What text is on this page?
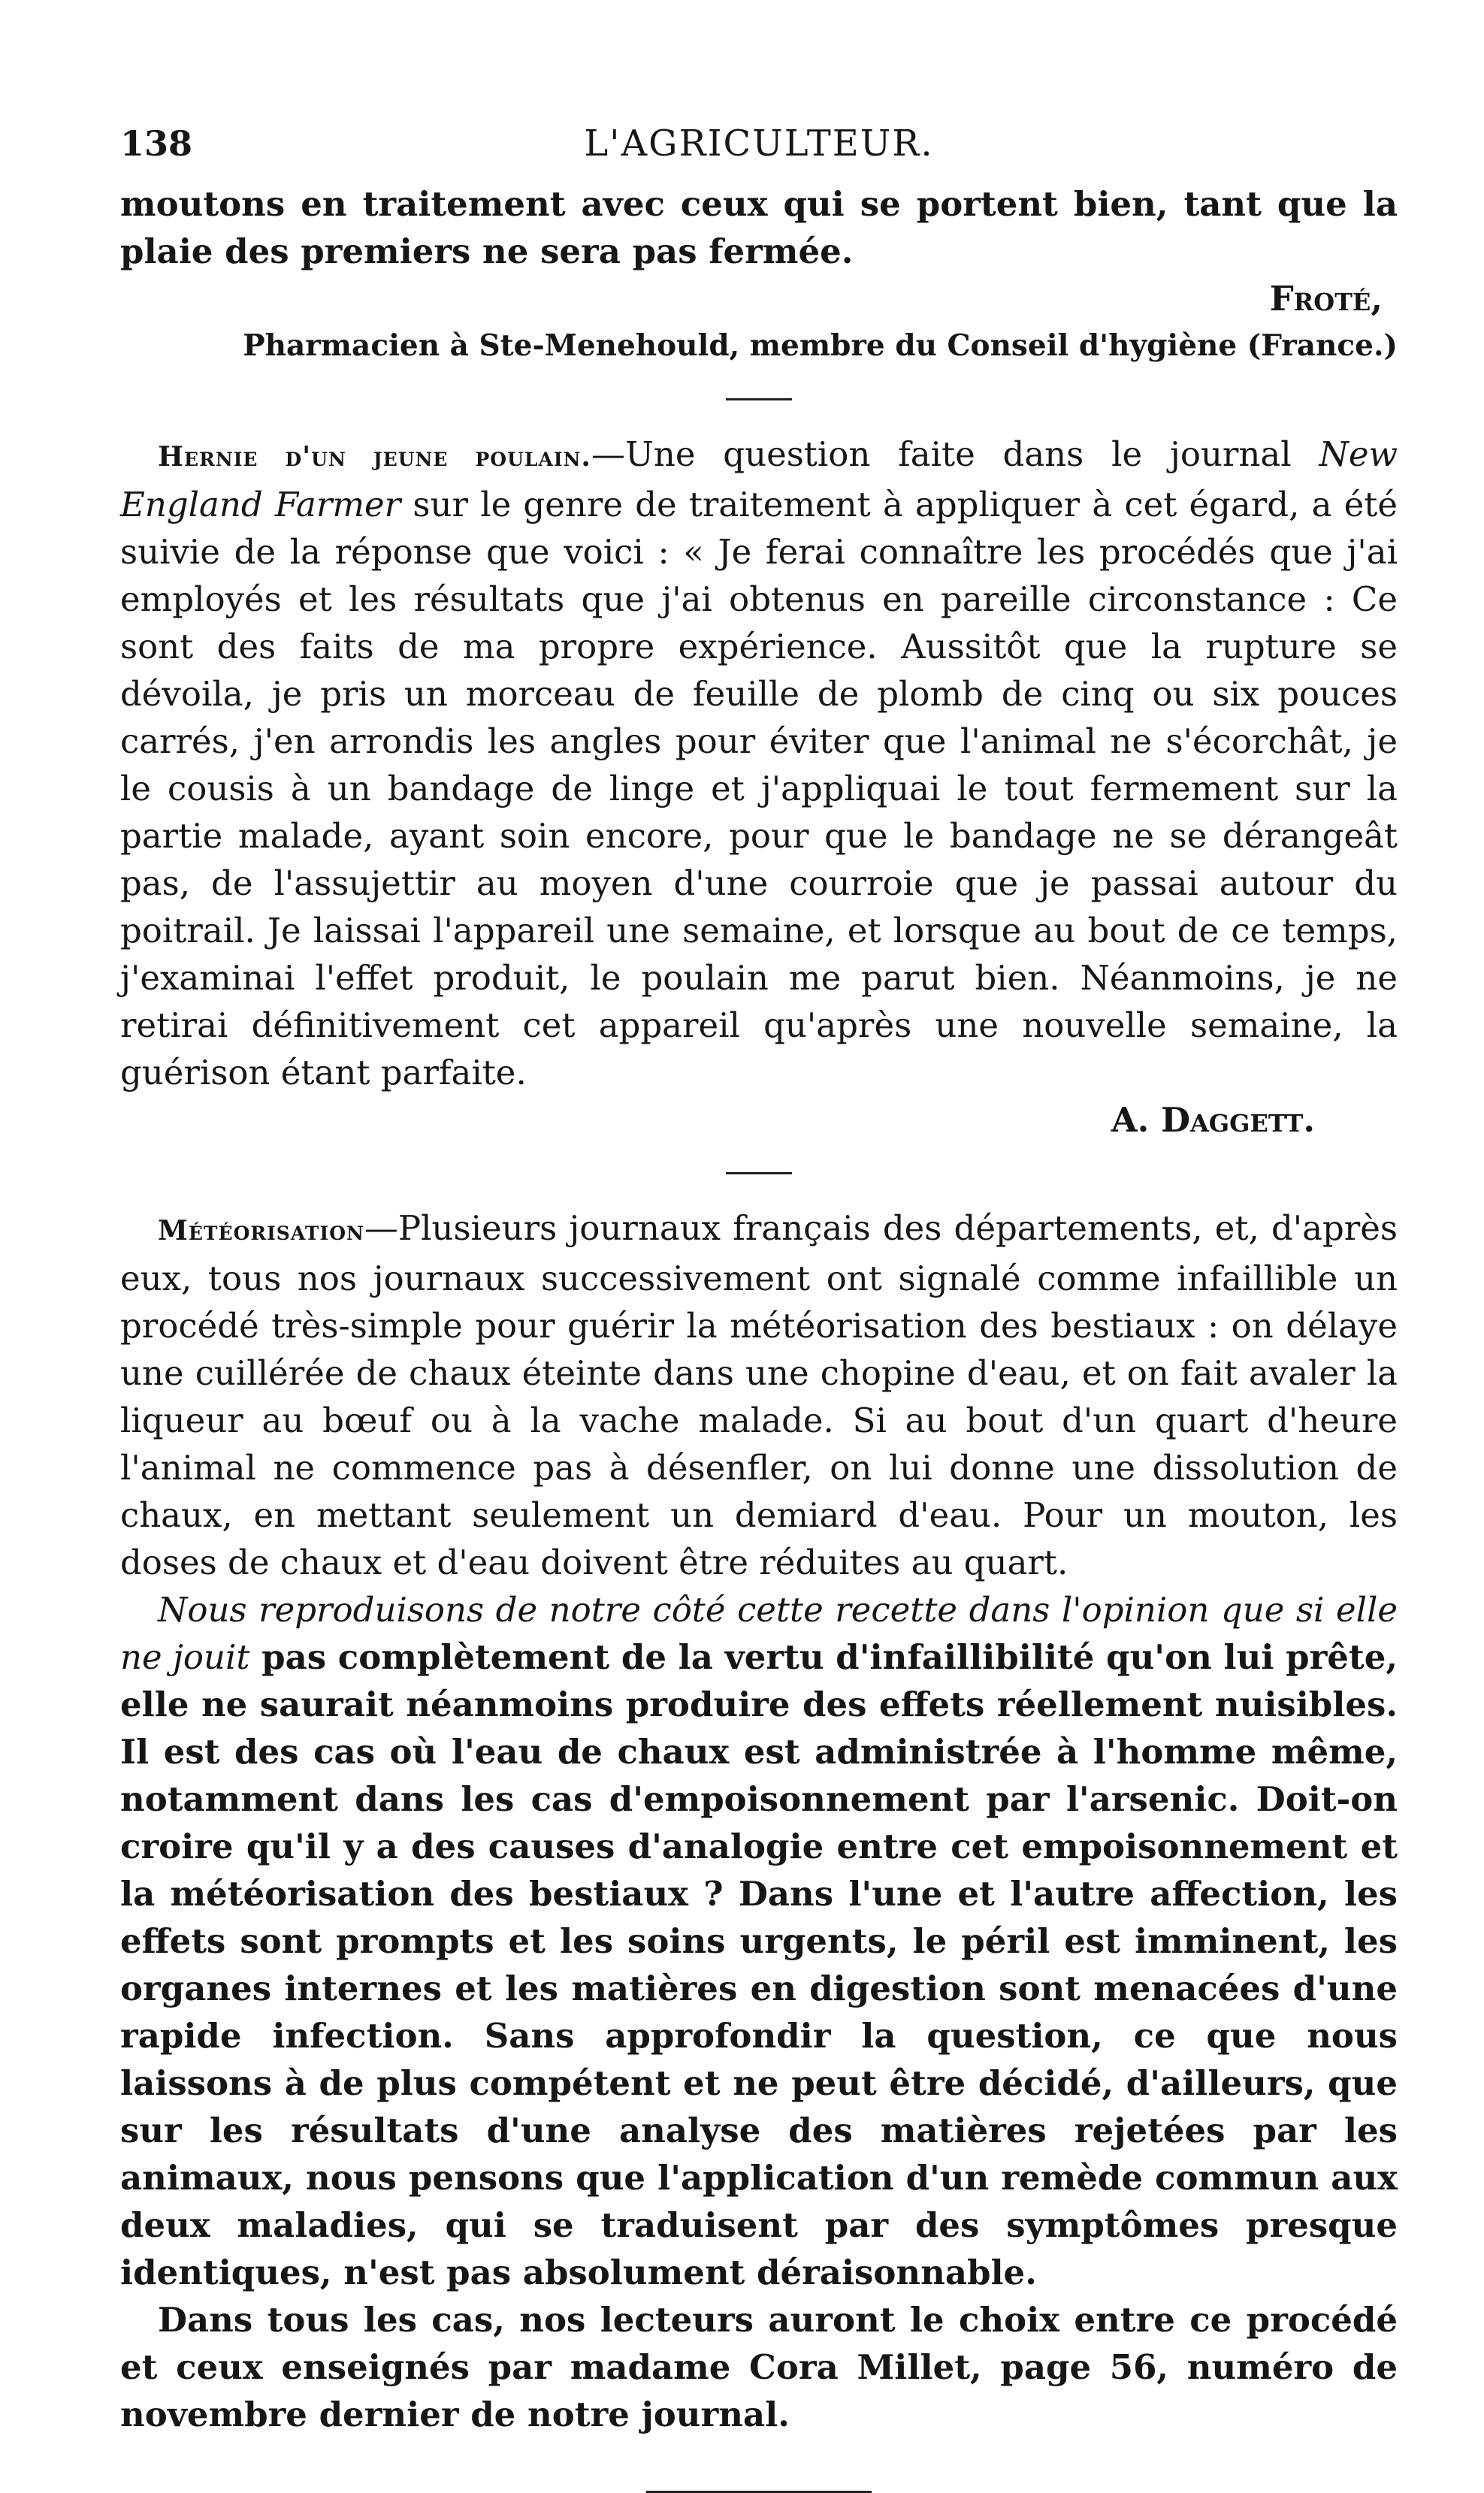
138	L'AGRICULTEUR.

moutons en traitement avec ceux qui se portent bien, tant que la plaie des premiers ne sera pas fermée.

Froté,

Pharmacien à Ste-Menehould, membre du Conseil d'hygiène (France.)

Hernie d'un jeune poulain.—Une question faite dans le journal New England Farmer sur le genre de traitement à appliquer à cet égard, a été suivie de la réponse que voici : « Je ferai connaître les procédés que j'ai employés et les résultats que j'ai obtenus en pareille circonstance : Ce sont des faits de ma propre expérience. Aussitôt que la rupture se dévoila, je pris un morceau de feuille de plomb de cinq ou six pouces carrés, j'en arrondis les angles pour éviter que l'animal ne s'écorchât, je le cousis à un bandage de linge et j'appliquai le tout fermement sur la partie malade, ayant soin encore, pour que le bandage ne se dérangeât pas, de l'assujettir au moyen d'une courroie que je passai autour du poitrail. Je laissai l'appareil une semaine, et lorsque au bout de ce temps, j'examinai l'effet produit, le poulain me parut bien. Néanmoins, je ne retirai définitivement cet appareil qu'après une nouvelle semaine, la guérison étant parfaite.

A. Daggett.

Météorisation—Plusieurs journaux français des départements, et, d'après eux, tous nos journaux successivement ont signalé comme infaillible un procédé très-simple pour guérir la météorisation des bestiaux : on délaye une cuillérée de chaux éteinte dans une chopine d'eau, et on fait avaler la liqueur au bœuf ou à la vache malade. Si au bout d'un quart d'heure l'animal ne commence pas à désenfler, on lui donne une dissolution de chaux, en mettant seulement un demiard d'eau. Pour un mouton, les doses de chaux et d'eau doivent être réduites au quart.

Nous reproduisons de notre côté cette recette dans l'opinion que si elle ne jouit pas complètement de la vertu d'infaillibilité qu'on lui prête, elle ne saurait néanmoins produire des effets réellement nuisibles. Il est des cas où l'eau de chaux est administrée à l'homme même, notamment dans les cas d'empoisonnement par l'arsenic. Doit-on croire qu'il y a des causes d'analogie entre cet empoisonnement et la météorisation des bestiaux ? Dans l'une et l'autre affection, les effets sont prompts et les soins urgents, le péril est imminent, les organes internes et les matières en digestion sont menacées d'une rapide infection. Sans approfondir la question, ce que nous laissons à de plus compétent et ne peut être décidé, d'ailleurs, que sur les résultats d'une analyse des matières rejetées par les animaux, nous pensons que l'application d'un remède commun aux deux maladies, qui se traduisent par des symptômes presque identiques, n'est pas absolument déraisonnable.

Dans tous les cas, nos lecteurs auront le choix entre ce procédé et ceux enseignés par madame Cora Millet, page 56, numéro de novembre dernier de notre journal.
